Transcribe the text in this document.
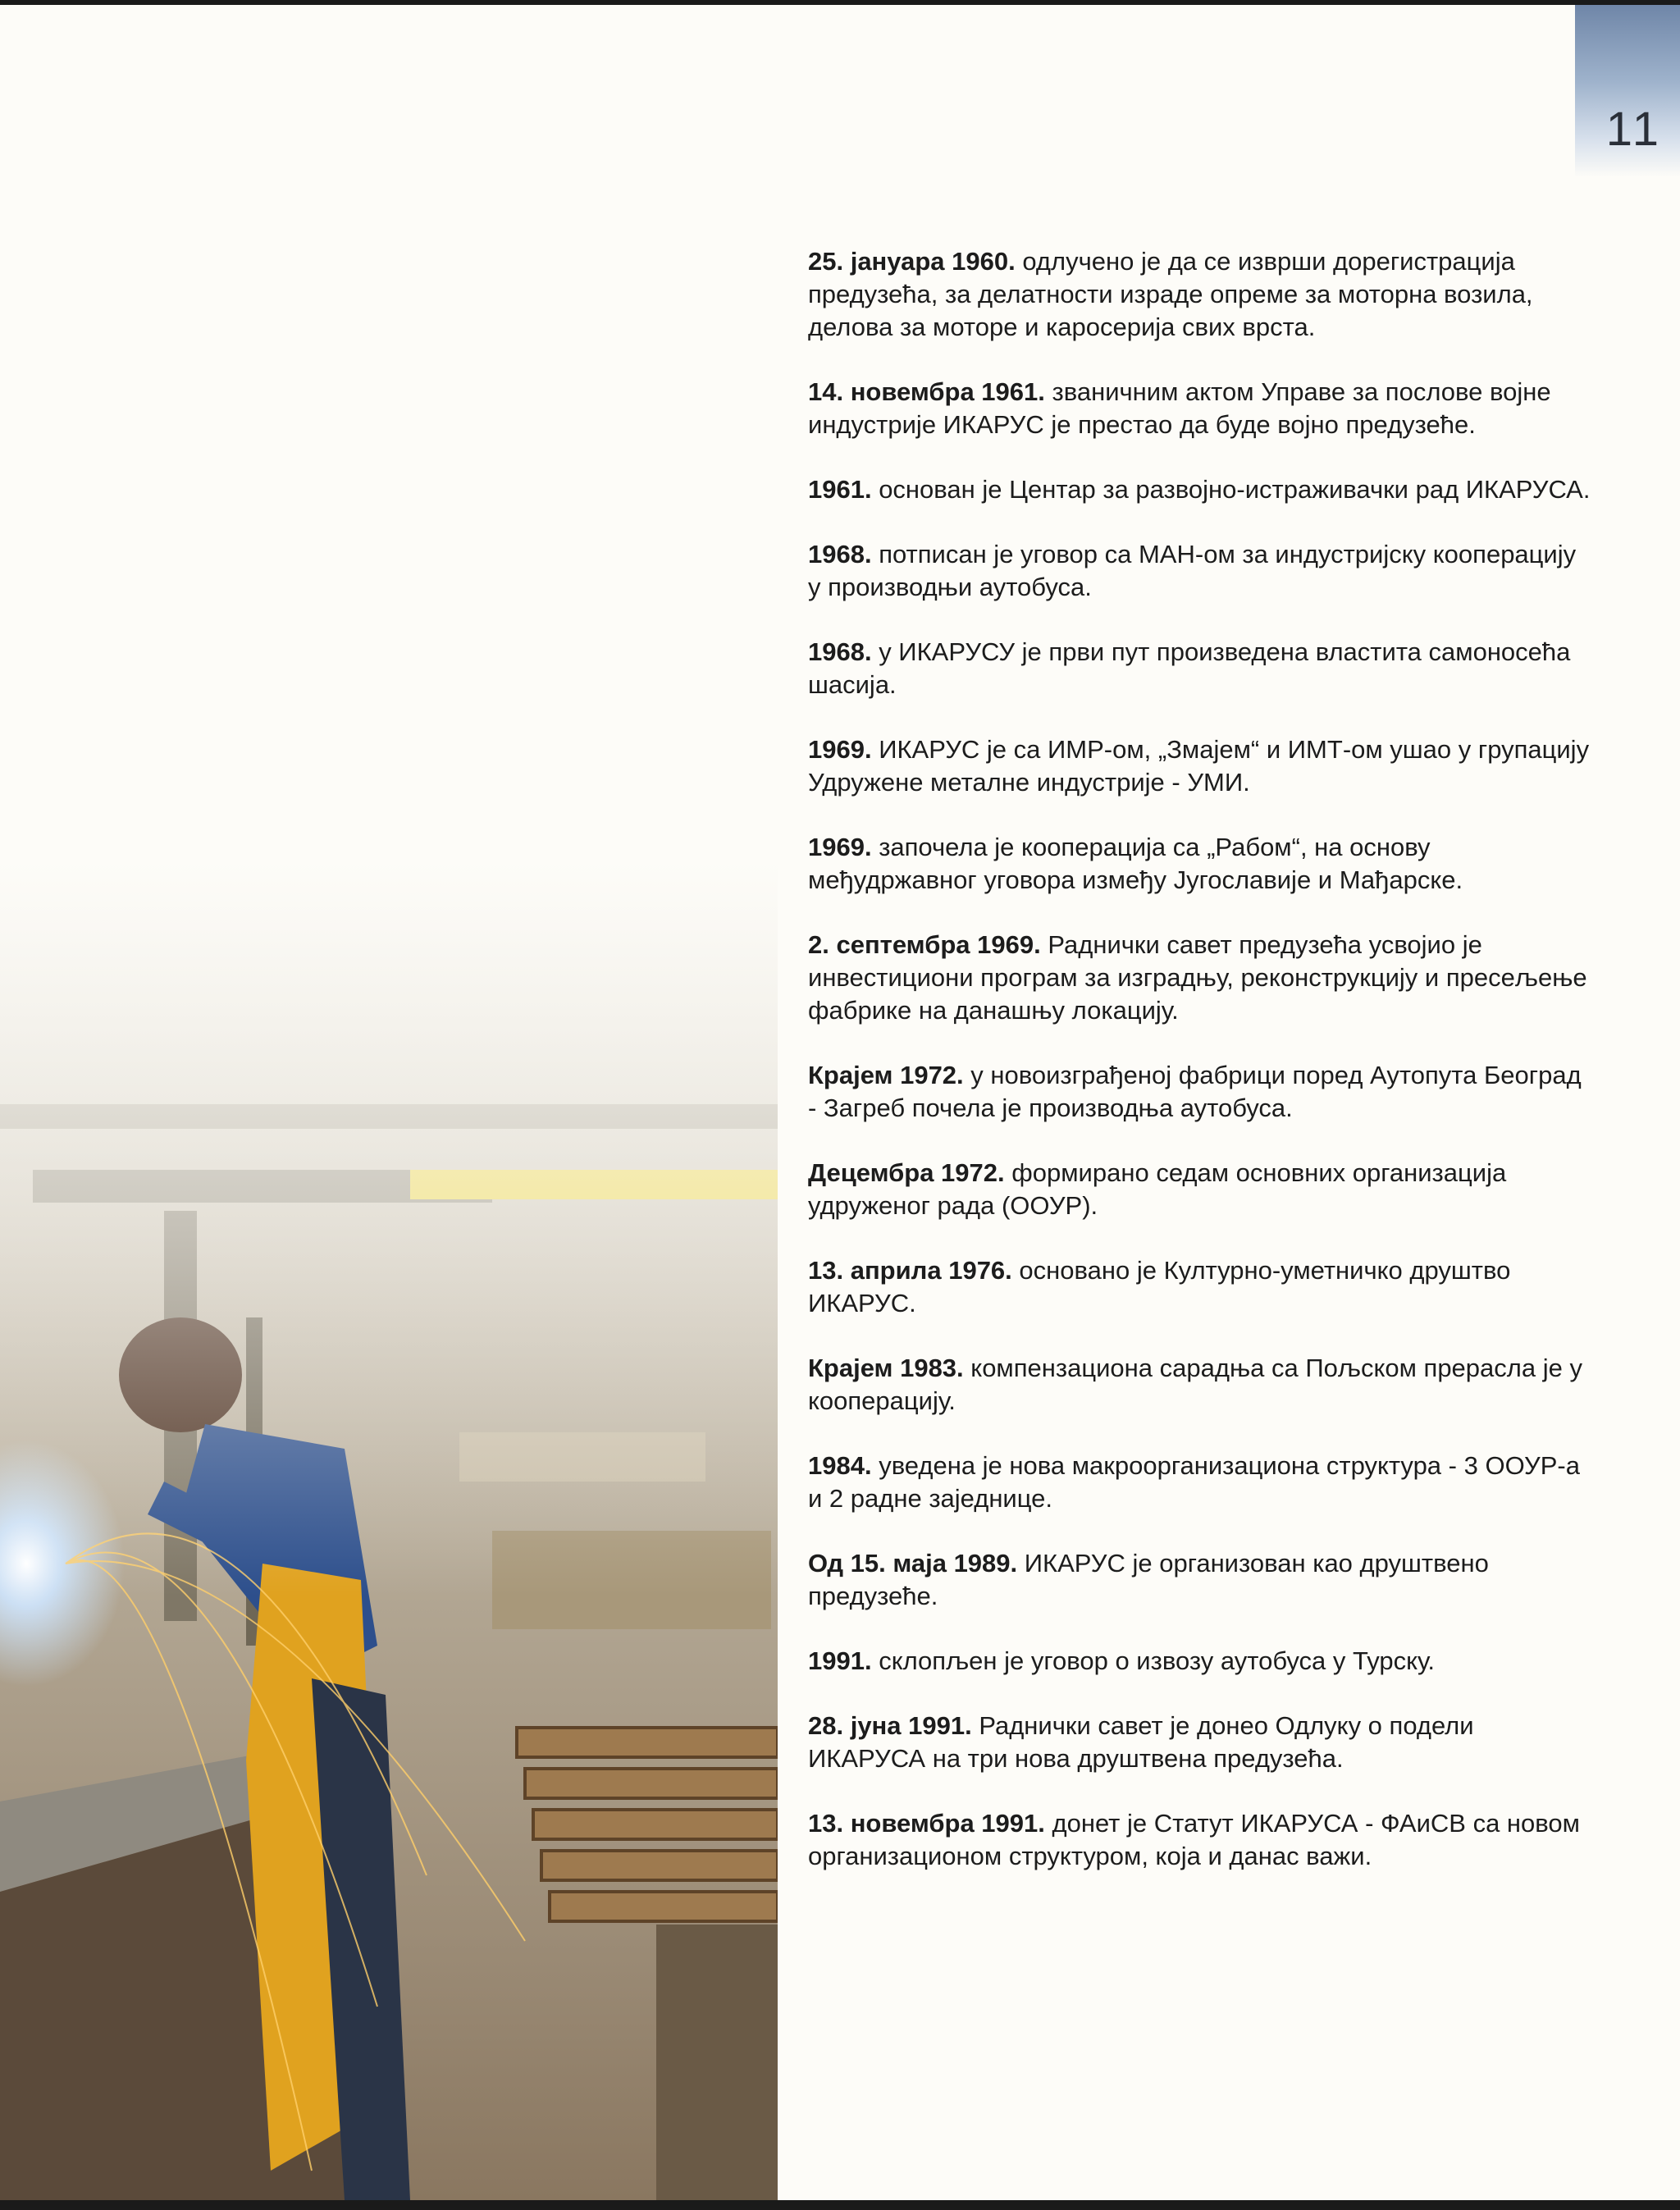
11
25. јануара 1960. одлучено је да се изврши дорегистрација предузећа, за делатности израде опреме за моторна возила, делова за моторе и каросерија свих врста.
14. новембра 1961. званичним актом Управе за послове војне индустрије ИКАРУС је престао да буде војно предузеће.
1961. основан је Центар за развојно-истраживачки рад ИКАРУСА.
1968. потписан је уговор са МАН-ом за индустријску кооперацију у производњи аутобуса.
1968. у ИКАРУСУ је први пут произведена властита самоносећа шасија.
1969. ИКАРУС је са ИМР-ом, „Змајем“ и ИМТ-ом ушао у групацију Удружене металне индустрије - УМИ.
1969. започела је кооперација са „Рабом“, на основу међудржавног уговора између Југославије и Мађарске.
2. септембра 1969. Раднички савет предузећа усвојио је инвестициони програм за изградњу, реконструкцију и пресељење фабрике на данашњу локацију.
Крајем 1972. у новоизграђеној фабрици поред Аутопута Београд - Загреб почела је производња аутобуса.
Децембра 1972. формирано седам основних организација удруженог рада (ООУР).
13. априла 1976. основано је Културно-уметничко друштво ИКАРУС.
Крајем 1983. компензациона сарадња са Пољском прерасла је у кооперацију.
1984. уведена је нова макроорганизациона структура - 3 ООУР-а и 2 радне заједнице.
Од 15. маја 1989. ИКАРУС је организован као друштвено предузеће.
1991. склопљен је уговор о извозу аутобуса у Турску.
28. јуна 1991. Раднички савет је донео Одлуку о подели ИКАРУСА на три нова друштвена предузећа.
13. новембра 1991. донет је Статут ИКАРУСА - ФАиСВ са новом организационом структуром, која и данас важи.
